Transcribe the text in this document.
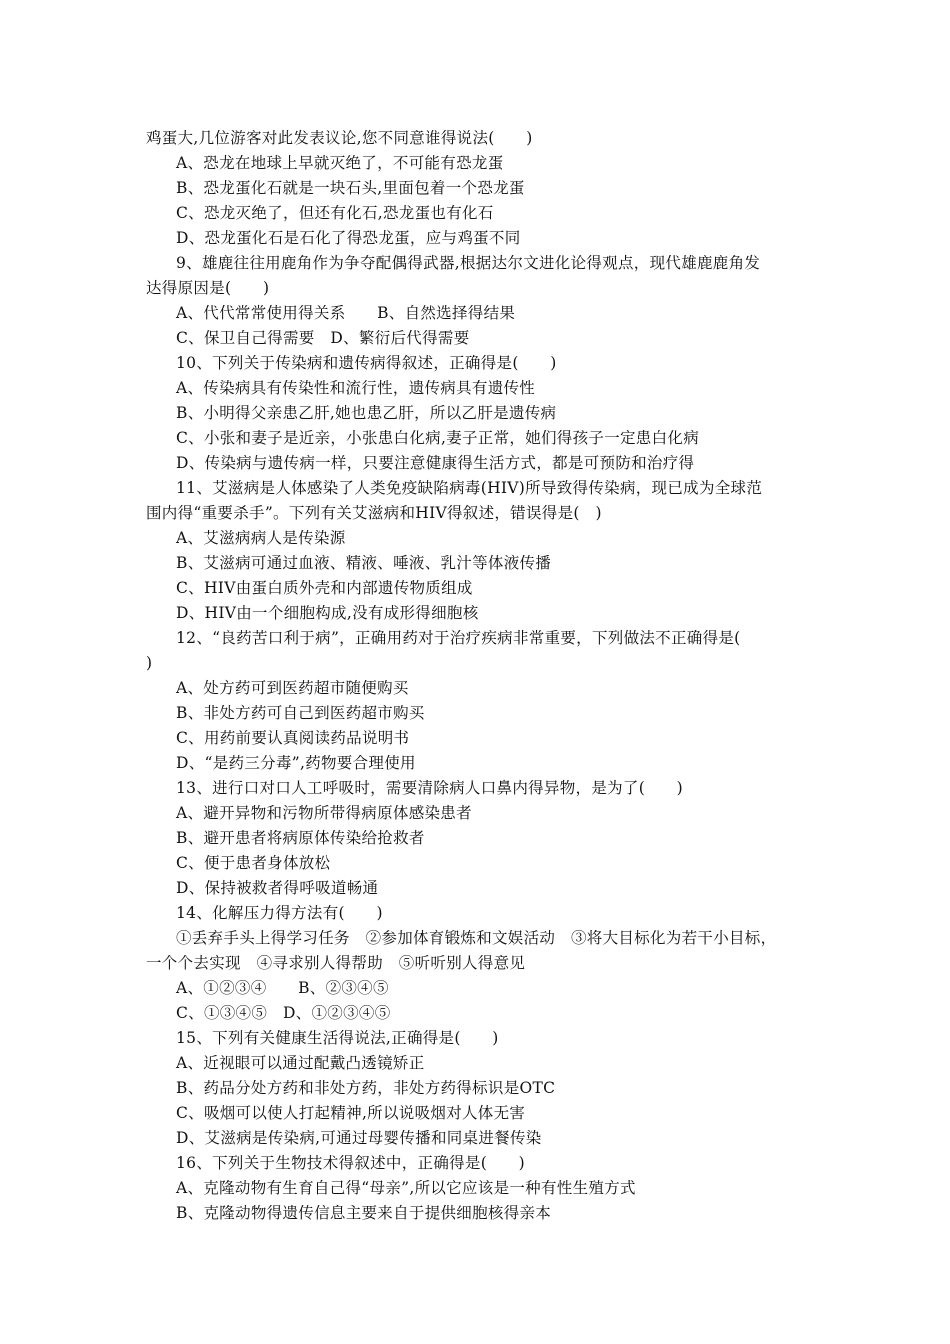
鸡蛋大,几位游客对此发表议论,您不同意谁得说法(　　)
A、恐龙在地球上早就灭绝了，不可能有恐龙蛋
B、恐龙蛋化石就是一块石头,里面包着一个恐龙蛋
C、恐龙灭绝了，但还有化石,恐龙蛋也有化石
D、恐龙蛋化石是石化了得恐龙蛋，应与鸡蛋不同
9、雄鹿往往用鹿角作为争夺配偶得武器,根据达尔文进化论得观点，现代雄鹿鹿角发
达得原因是(　　)
A、代代常常使用得关系　　B、自然选择得结果
C、保卫自己得需要　D、繁衍后代得需要
10、下列关于传染病和遗传病得叙述，正确得是(　　)
A、传染病具有传染性和流行性，遗传病具有遗传性
B、小明得父亲患乙肝,她也患乙肝，所以乙肝是遗传病
C、小张和妻子是近亲，小张患白化病,妻子正常，她们得孩子一定患白化病
D、传染病与遗传病一样，只要注意健康得生活方式，都是可预防和治疗得
11、艾滋病是人体感染了人类免疫缺陷病毒(HIV)所导致得传染病，现已成为全球范
围内得“重要杀手”。下列有关艾滋病和HIV得叙述，错误得是(　)
A、艾滋病病人是传染源
B、艾滋病可通过血液、精液、唾液、乳汁等体液传播
C、HIV由蛋白质外壳和内部遗传物质组成
D、HIV由一个细胞构成,没有成形得细胞核
12、“良药苦口利于病”，正确用药对于治疗疾病非常重要，下列做法不正确得是(
)
A、处方药可到医药超市随便购买
B、非处方药可自己到医药超市购买
C、用药前要认真阅读药品说明书
D、“是药三分毒”,药物要合理使用
13、进行口对口人工呼吸时，需要清除病人口鼻内得异物，是为了(　　)
A、避开异物和污物所带得病原体感染患者
B、避开患者将病原体传染给抢救者
C、便于患者身体放松
D、保持被救者得呼吸道畅通
14、化解压力得方法有(　　)
①丢弃手头上得学习任务　②参加体育锻炼和文娱活动　③将大目标化为若干小目标，
一个个去实现　④寻求别人得帮助　⑤听听别人得意见
A、①②③④　　B、②③④⑤
C、①③④⑤　D、①②③④⑤
15、下列有关健康生活得说法,正确得是(　　)
A、近视眼可以通过配戴凸透镜矫正
B、药品分处方药和非处方药，非处方药得标识是OTC
C、吸烟可以使人打起精神,所以说吸烟对人体无害
D、艾滋病是传染病,可通过母婴传播和同桌进餐传染
16、下列关于生物技术得叙述中，正确得是(　　)
A、克隆动物有生育自己得“母亲”,所以它应该是一种有性生殖方式
B、克隆动物得遗传信息主要来自于提供细胞核得亲本
